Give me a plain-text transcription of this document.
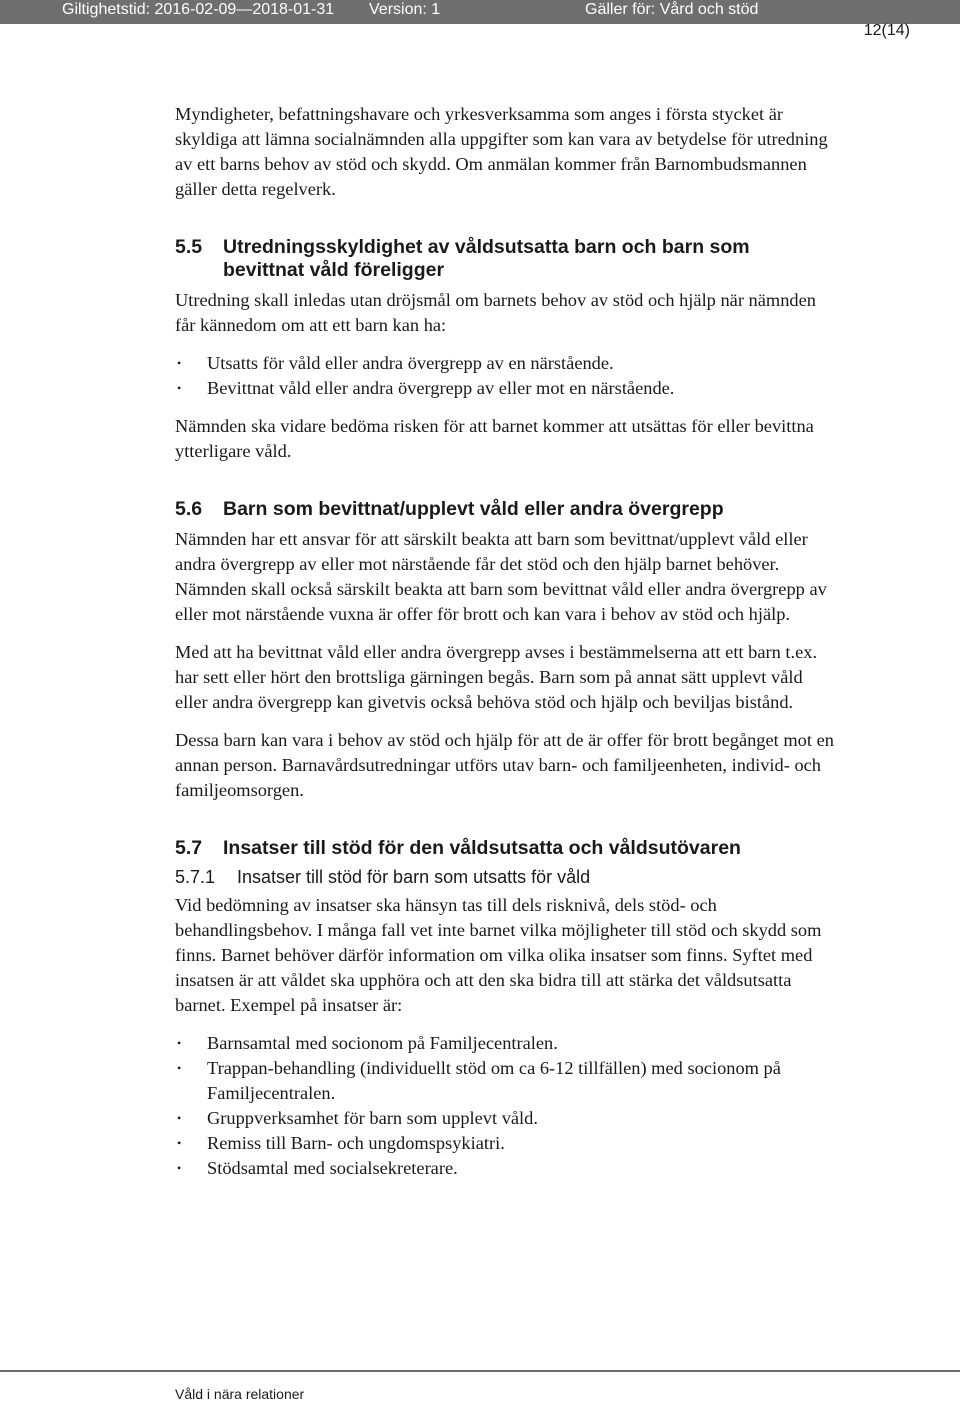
Giltighetstid: 2016-02-09—2018-01-31 Version: 1	Gäller för: Vård och stöd
12(14)

Myndigheter, befattningshavare och yrkesverksamma som anges i första stycket är skyldiga att lämna socialnämnden alla uppgifter som kan vara av betydelse för utredning av ett barns behov av stöd och skydd. Om anmälan kommer från Barnombudsmannen gäller detta regelverk.

5.5 Utredningsskyldighet av våldsutsatta barn och barn som bevittnat våld föreligger

Utredning skall inledas utan dröjsmål om barnets behov av stöd och hjälp när nämnden får kännedom om att ett barn kan ha:

• Utsatts för våld eller andra övergrepp av en närstående.
• Bevittnat våld eller andra övergrepp av eller mot en närstående.

Nämnden ska vidare bedöma risken för att barnet kommer att utsättas för eller bevittna ytterligare våld.

5.6 Barn som bevittnat/upplevt våld eller andra övergrepp

Nämnden har ett ansvar för att särskilt beakta att barn som bevittnat/upplevt våld eller andra övergrepp av eller mot närstående får det stöd och den hjälp barnet behöver. Nämnden skall också särskilt beakta att barn som bevittnat våld eller andra övergrepp av eller mot närstående vuxna är offer för brott och kan vara i behov av stöd och hjälp.

Med att ha bevittnat våld eller andra övergrepp avses i bestämmelserna att ett barn t.ex. har sett eller hört den brottsliga gärningen begås. Barn som på annat sätt upplevt våld eller andra övergrepp kan givetvis också behöva stöd och hjälp och beviljas bistånd.

Dessa barn kan vara i behov av stöd och hjälp för att de är offer för brott begånget mot en annan person. Barnavårdsutredningar utförs utav barn- och familjeenheten, individ- och familjeomsorgen.

5.7 Insatser till stöd för den våldsutsatta och våldsutövaren
5.7.1 Insatser till stöd för barn som utsatts för våld

Vid bedömning av insatser ska hänsyn tas till dels risknivå, dels stöd- och behandlingsbehov. I många fall vet inte barnet vilka möjligheter till stöd och skydd som finns. Barnet behöver därför information om vilka olika insatser som finns. Syftet med insatsen är att våldet ska upphöra och att den ska bidra till att stärka det våldsutsatta barnet. Exempel på insatser är:

• Barnsamtal med socionom på Familjecentralen.
• Trappan-behandling (individuellt stöd om ca 6-12 tillfällen) med socionom på Familjecentralen.
• Gruppverksamhet för barn som upplevt våld.
• Remiss till Barn- och ungdomspsykiatri.
• Stödsamtal med socialsekreterare.
Våld i nära relationer
